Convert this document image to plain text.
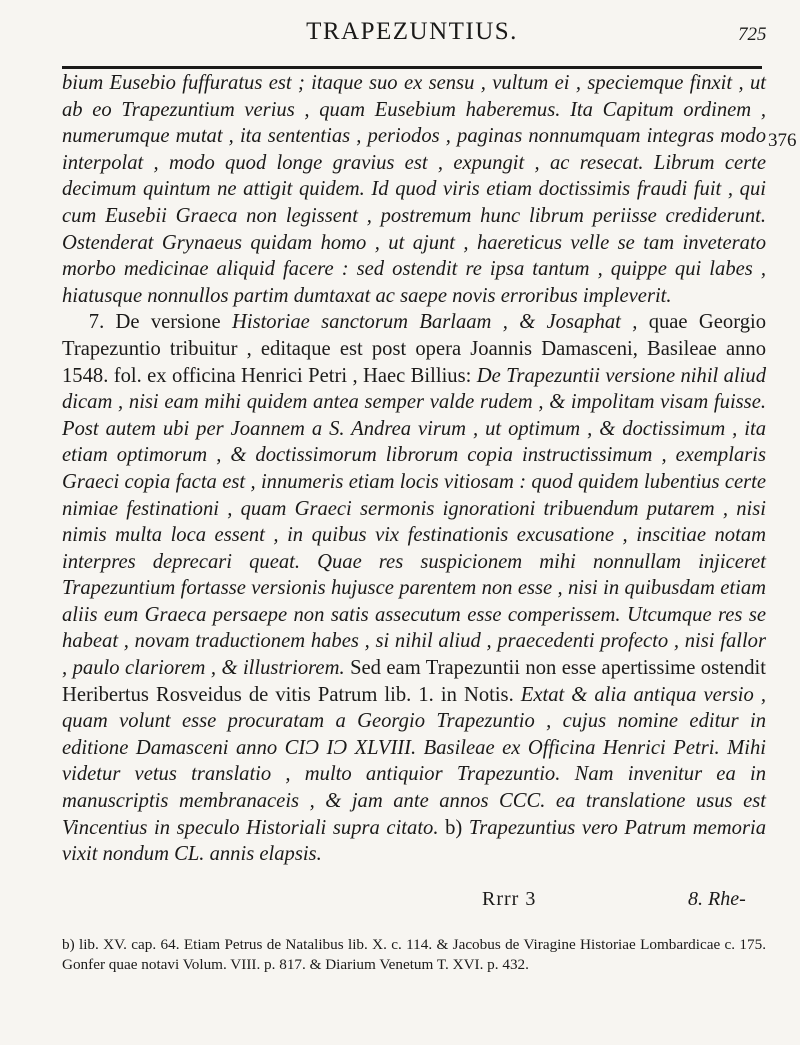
TRAPEZUNTIUS.	725
376

bium Eusebio fuffuratus est ; itaque suo ex sensu , vultum ei , speciemque finxit , ut ab eo Trapezuntium verius , quam Eusebium haberemus. Ita Capitum ordinem , numerumque mutat , ita sententias , periodos , paginas nonnumquam integras modo interpolat , modo quod longe gravius est , expungit , ac resecat. Librum certe decimum quintum ne attigit quidem. Id quod viris etiam doctissimis fraudi fuit , qui cum Eusebii Graeca non legissent , postremum hunc librum periisse crediderunt. Ostenderat Grynaeus quidam homo , ut ajunt , haereticus velle se tam inveterato morbo medicinae aliquid facere : sed ostendit re ipsa tantum , quippe qui labes , hiatusque nonnullos partim dumtaxat ac saepe novis erroribus impleverit.

7. De versione Historiae sanctorum Barlaam , & Josaphat , quae Georgio Trapezuntio tribuitur , editaque est post opera Joannis Damasceni, Basileae anno 1548. fol. ex officina Henrici Petri , Haec Billius: De Trapezuntii versione nihil aliud dicam , nisi eam mihi quidem antea semper valde rudem , & impolitam visam fuisse. Post autem ubi per Joannem a S. Andrea virum , ut optimum , & doctissimum , ita etiam optimorum , & doctissimorum librorum copia instructissimum , exemplaris Graeci copia facta est , innumeris etiam locis vitiosam : quod quidem lubentius certe nimiae festinationi , quam Graeci sermonis ignorationi tribuendum putarem , nisi nimis multa loca essent , in quibus vix festinationis excusatione , inscitiae notam interpres deprecari queat. Quae res suspicionem mihi nonnullam injiceret Trapezuntium fortasse versionis hujusce parentem non esse , nisi in quibusdam etiam aliis eum Graeca persaepe non satis assecutum esse comperissem. Utcumque res se habeat , novam traductionem habes , si nihil aliud , praecedenti profecto , nisi fallor , paulo clariorem , & illustriorem. Sed eam Trapezuntii non esse apertissime ostendit Heribertus Rosveidus de vitis Patrum lib. 1. in Notis. Extat & alia antiqua versio , quam volunt esse procuratam a Georgio Trapezuntio , cujus nomine editur in editione Damasceni anno CIƆ IƆ XLVIII. Basileae ex Officina Henrici Petri. Mihi videtur vetus translatio , multo antiquior Trapezuntio. Nam invenitur ea in manuscriptis membranaceis , & jam ante annos CCC. ea translatione usus est Vincentius in speculo Historiali supra citato. b) Trapezuntius vero Patrum memoria vixit nondum CL. annis elapsis.

Rrrr 3	8. Rhe-

b) lib. XV. cap. 64. Etiam Petrus de Natalibus lib. X. c. 114. & Jacobus de Viragine Historiae Lombardicae c. 175. Gonfer quae notavi Volum. VIII. p. 817. & Diarium Venetum T. XVI. p. 432.
